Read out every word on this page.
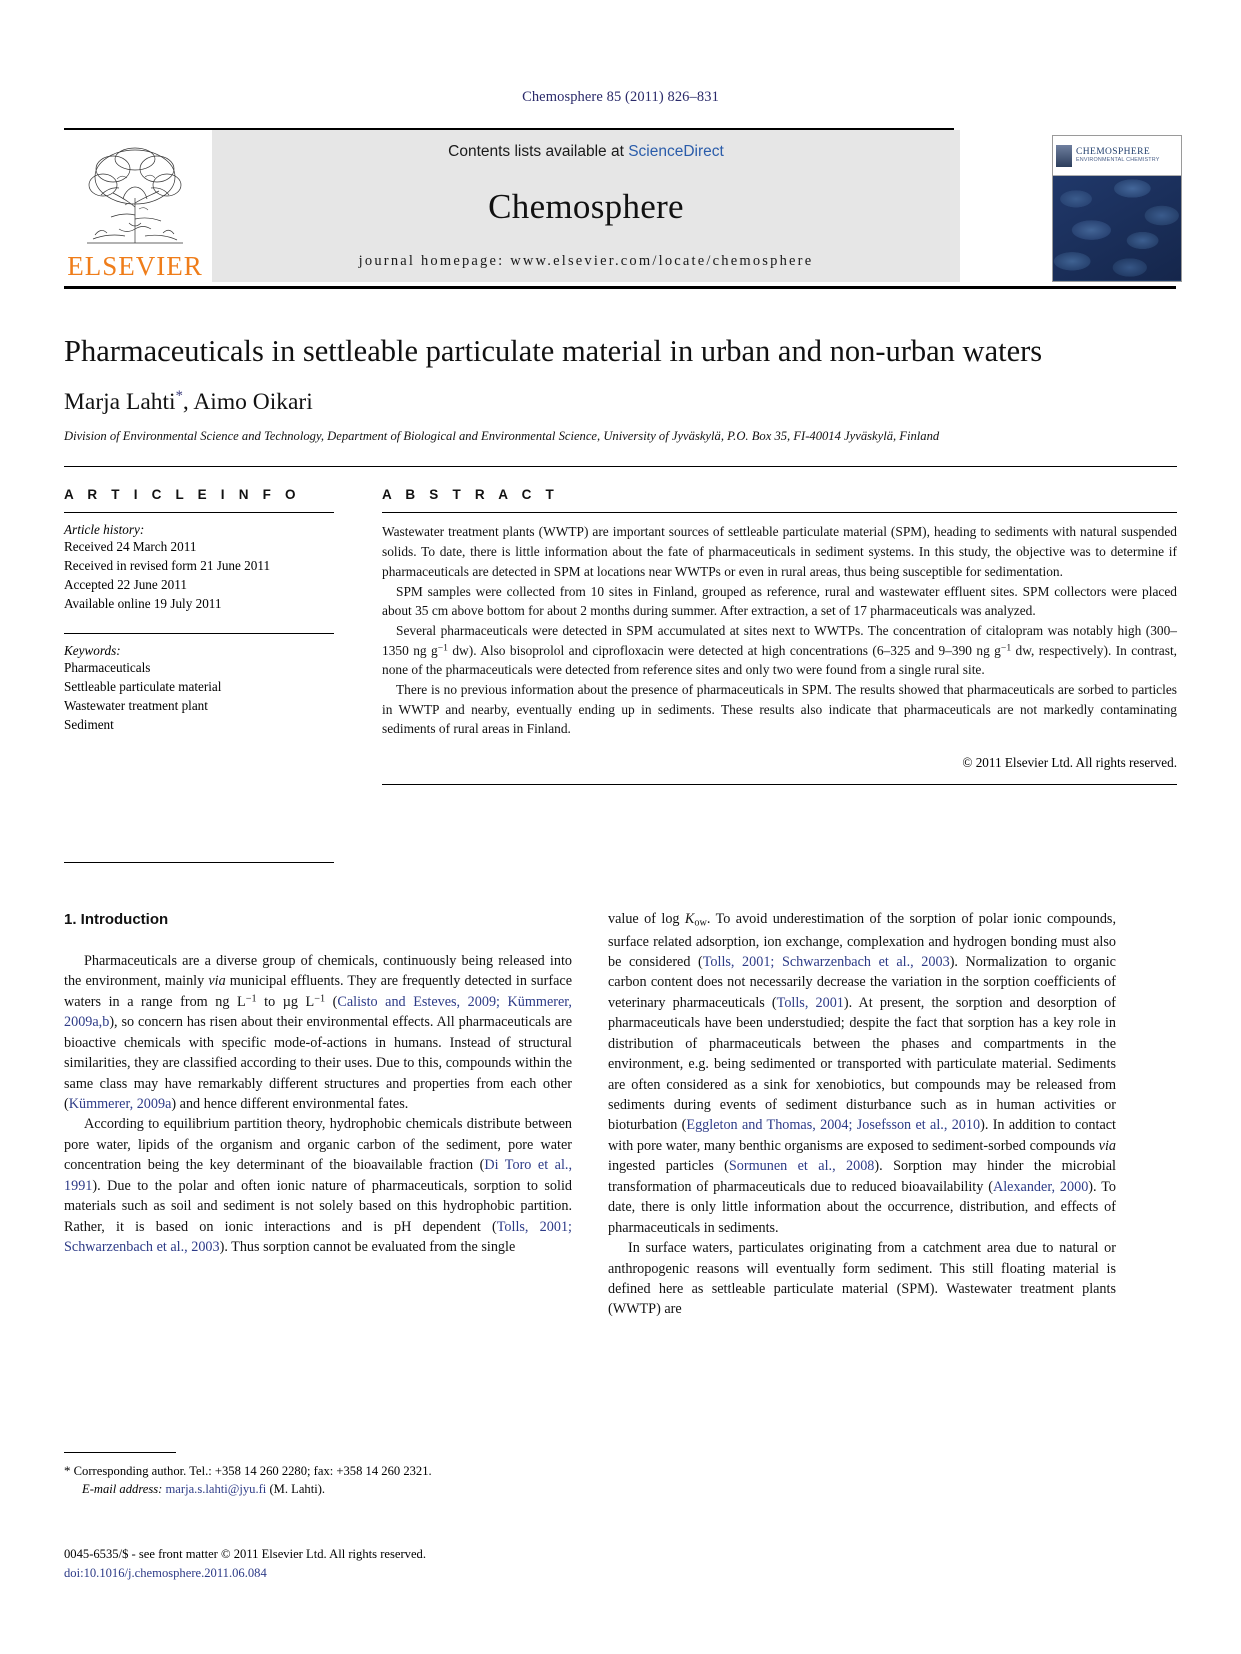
Chemosphere 85 (2011) 826–831
ELSEVIER
Contents lists available at ScienceDirect
Chemosphere
journal homepage: www.elsevier.com/locate/chemosphere
CHEMOSPHERE
ENVIRONMENTAL CHEMISTRY
Pharmaceuticals in settleable particulate material in urban and non-urban waters
Marja Lahti*, Aimo Oikari
Division of Environmental Science and Technology, Department of Biological and Environmental Science, University of Jyväskylä, P.O. Box 35, FI-40014 Jyväskylä, Finland
A R T I C L E I N F O
Article history:
Received 24 March 2011
Received in revised form 21 June 2011
Accepted 22 June 2011
Available online 19 July 2011
Keywords:
Pharmaceuticals
Settleable particulate material
Wastewater treatment plant
Sediment
A B S T R A C T

Wastewater treatment plants (WWTP) are important sources of settleable particulate material (SPM), heading to sediments with natural suspended solids. To date, there is little information about the fate of pharmaceuticals in sediment systems. In this study, the objective was to determine if pharmaceuticals are detected in SPM at locations near WWTPs or even in rural areas, thus being susceptible for sedimentation.

SPM samples were collected from 10 sites in Finland, grouped as reference, rural and wastewater effluent sites. SPM collectors were placed about 35 cm above bottom for about 2 months during summer. After extraction, a set of 17 pharmaceuticals was analyzed.

Several pharmaceuticals were detected in SPM accumulated at sites next to WWTPs. The concentration of citalopram was notably high (300–1350 ng $g^{-1}$ dw). Also bisoprolol and ciprofloxacin were detected at high concentrations (6–325 and 9–390 ng $g^{-1}$ dw, respectively). In contrast, none of the pharmaceuticals were detected from reference sites and only two were found from a single rural site.

There is no previous information about the presence of pharmaceuticals in SPM. The results showed that pharmaceuticals are sorbed to particles in WWTP and nearby, eventually ending up in sediments. These results also indicate that pharmaceuticals are not markedly contaminating sediments of rural areas in Finland.

© 2011 Elsevier Ltd. All rights reserved.
1. Introduction

Pharmaceuticals are a diverse group of chemicals, continuously being released into the environment, mainly via municipal effluents. They are frequently detected in surface waters in a range from ng $L^{-1}$ to µg $L^{-1}$ (Calisto and Esteves, 2009; Kümmerer, 2009a,b), so concern has risen about their environmental effects. All pharmaceuticals are bioactive chemicals with specific mode-of-actions in humans. Instead of structural similarities, they are classified according to their uses. Due to this, compounds within the same class may have remarkably different structures and properties from each other (Kümmerer, 2009a) and hence different environmental fates.

According to equilibrium partition theory, hydrophobic chemicals distribute between pore water, lipids of the organism and organic carbon of the sediment, pore water concentration being the key determinant of the bioavailable fraction (Di Toro et al., 1991). Due to the polar and often ionic nature of pharmaceuticals, sorption to solid materials such as soil and sediment is not solely based on this hydrophobic partition. Rather, it is based on ionic interactions and is pH dependent (Tolls, 2001; Schwarzenbach et al., 2003). Thus sorption cannot be evaluated from the single

value of $\log K_{ow}$. To avoid underestimation of the sorption of polar ionic compounds, surface related adsorption, ion exchange, complexation and hydrogen bonding must also be considered (Tolls, 2001; Schwarzenbach et al., 2003). Normalization to organic carbon content does not necessarily decrease the variation in the sorption coefficients of veterinary pharmaceuticals (Tolls, 2001). At present, the sorption and desorption of pharmaceuticals have been understudied; despite the fact that sorption has a key role in distribution of pharmaceuticals between the phases and compartments in the environment, e.g. being sedimented or transported with particulate material. Sediments are often considered as a sink for xenobiotics, but compounds may be released from sediments during events of sediment disturbance such as in human activities or bioturbation (Eggleton and Thomas, 2004; Josefsson et al., 2010). In addition to contact with pore water, many benthic organisms are exposed to sediment-sorbed compounds via ingested particles (Sormunen et al., 2008). Sorption may hinder the microbial transformation of pharmaceuticals due to reduced bioavailability (Alexander, 2000). To date, there is only little information about the occurrence, distribution, and effects of pharmaceuticals in sediments.

In surface waters, particulates originating from a catchment area due to natural or anthropogenic reasons will eventually form sediment. This still floating material is defined here as settleable particulate material (SPM). Wastewater treatment plants (WWTP) are

* Corresponding author. Tel.: +358 14 260 2280; fax: +358 14 260 2321.
E-mail address: marja.s.lahti@jyu.fi (M. Lahti).
0045-6535/$ - see front matter © 2011 Elsevier Ltd. All rights reserved.
doi:10.1016/j.chemosphere.2011.06.084
